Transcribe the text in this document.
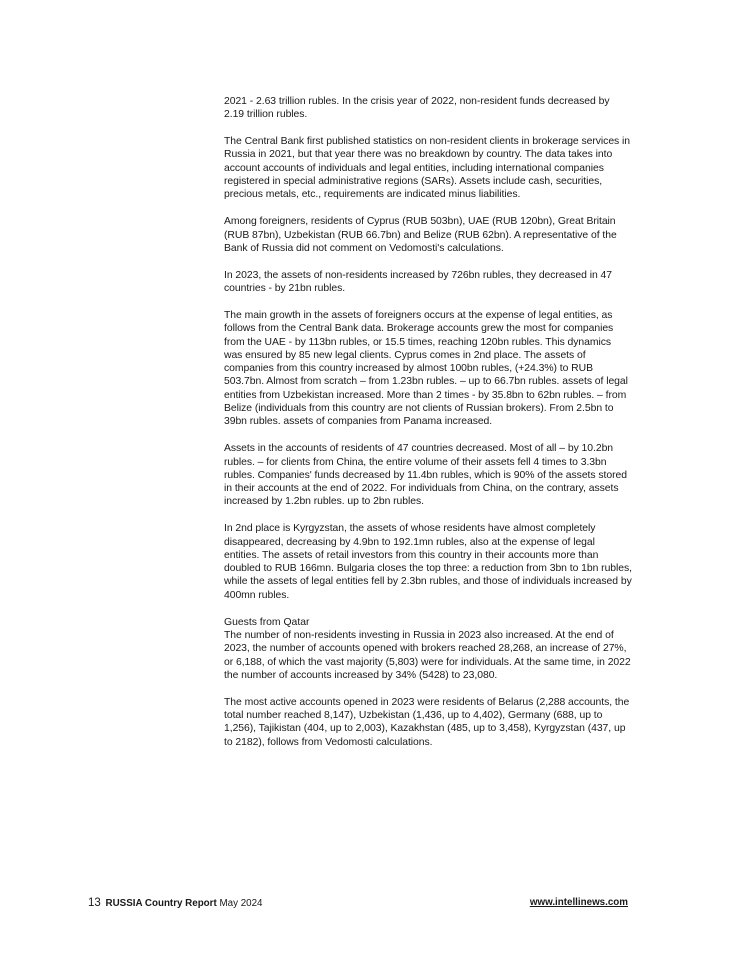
2021 - 2.63 trillion rubles. In the crisis year of 2022, non-resident funds decreased by 2.19 trillion rubles.

The Central Bank first published statistics on non-resident clients in brokerage services in Russia in 2021, but that year there was no breakdown by country. The data takes into account accounts of individuals and legal entities, including international companies registered in special administrative regions (SARs). Assets include cash, securities, precious metals, etc., requirements are indicated minus liabilities.

Among foreigners, residents of Cyprus (RUB 503bn), UAE (RUB 120bn), Great Britain (RUB 87bn), Uzbekistan (RUB 66.7bn) and Belize (RUB 62bn). A representative of the Bank of Russia did not comment on Vedomosti's calculations.

In 2023, the assets of non-residents increased by 726bn rubles, they decreased in 47 countries - by 21bn rubles.

The main growth in the assets of foreigners occurs at the expense of legal entities, as follows from the Central Bank data. Brokerage accounts grew the most for companies from the UAE - by 113bn rubles, or 15.5 times, reaching 120bn rubles. This dynamics was ensured by 85 new legal clients. Cyprus comes in 2nd place. The assets of companies from this country increased by almost 100bn rubles, (+24.3%) to RUB 503.7bn. Almost from scratch – from 1.23bn rubles. – up to 66.7bn rubles. assets of legal entities from Uzbekistan increased. More than 2 times - by 35.8bn to 62bn rubles. – from Belize (individuals from this country are not clients of Russian brokers). From 2.5bn to 39bn rubles. assets of companies from Panama increased.

Assets in the accounts of residents of 47 countries decreased. Most of all – by 10.2bn rubles. – for clients from China, the entire volume of their assets fell 4 times to 3.3bn rubles. Companies' funds decreased by 11.4bn rubles, which is 90% of the assets stored in their accounts at the end of 2022. For individuals from China, on the contrary, assets increased by 1.2bn rubles. up to 2bn rubles.

In 2nd place is Kyrgyzstan, the assets of whose residents have almost completely disappeared, decreasing by 4.9bn to 192.1mn rubles, also at the expense of legal entities. The assets of retail investors from this country in their accounts more than doubled to RUB 166mn. Bulgaria closes the top three: a reduction from 3bn to 1bn rubles, while the assets of legal entities fell by 2.3bn rubles, and those of individuals increased by 400mn rubles.

Guests from Qatar

The number of non-residents investing in Russia in 2023 also increased. At the end of 2023, the number of accounts opened with brokers reached 28,268, an increase of 27%, or 6,188, of which the vast majority (5,803) were for individuals. At the same time, in 2022 the number of accounts increased by 34% (5428) to 23,080.

The most active accounts opened in 2023 were residents of Belarus (2,288 accounts, the total number reached 8,147), Uzbekistan (1,436, up to 4,402), Germany (688, up to 1,256), Tajikistan (404, up to 2,003), Kazakhstan (485, up to 3,458), Kyrgyzstan (437, up to 2182), follows from Vedomosti calculations.

13 RUSSIA Country Report May 2024	www.intellinews.com
